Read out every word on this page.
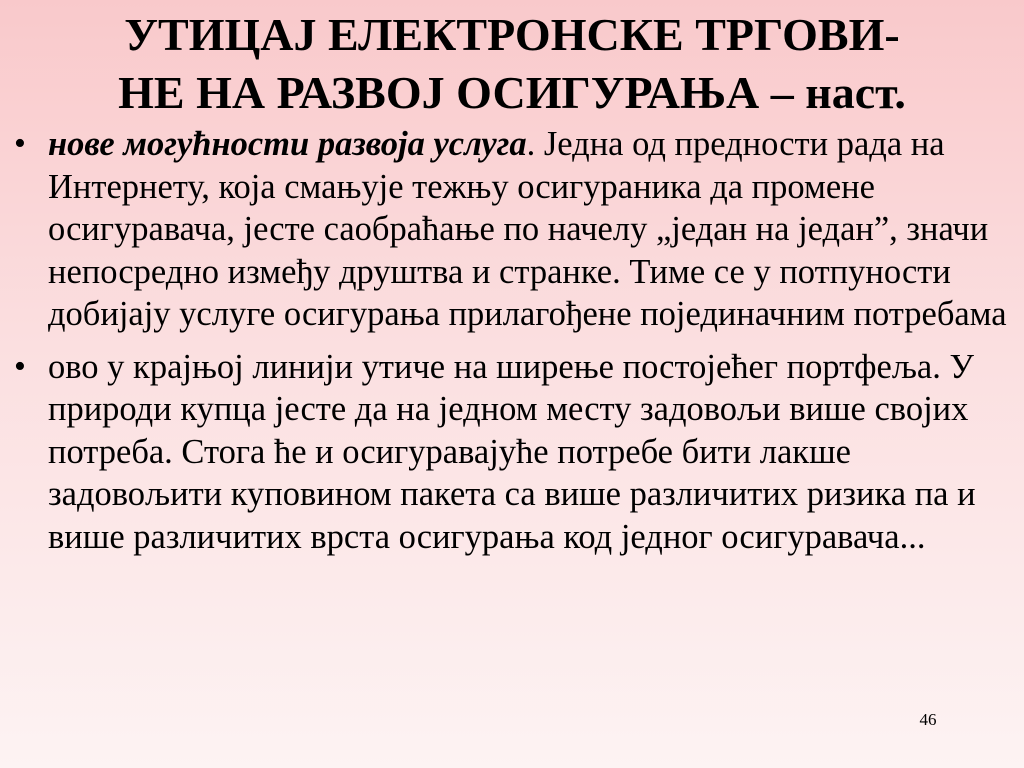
УТИЦАЈ ЕЛЕКТРОНСКЕ ТРГОВИ-
НЕ НА РАЗВОЈ ОСИГУРАЊА – наст.
• нове могућности развоја услуга. Једна од предности рада на Интернету, која смањује тежњу осигураника да промене осигуравача, јесте саобраћање по начелу „један на један”, значи непосредно између друштва и странке. Тиме се у потпуности добијају услуге осигурања прилагођене појединачним потребама
• ово у крајњој линији утиче на ширење постојећег портфеља. У природи купца јесте да на једном месту задовољи више својих потреба. Стога ће и осигуравајуће потребе бити лакше задовољити куповином пакета са више различитих ризика па и више различитих врста осигурања код једног осигуравача...
46
